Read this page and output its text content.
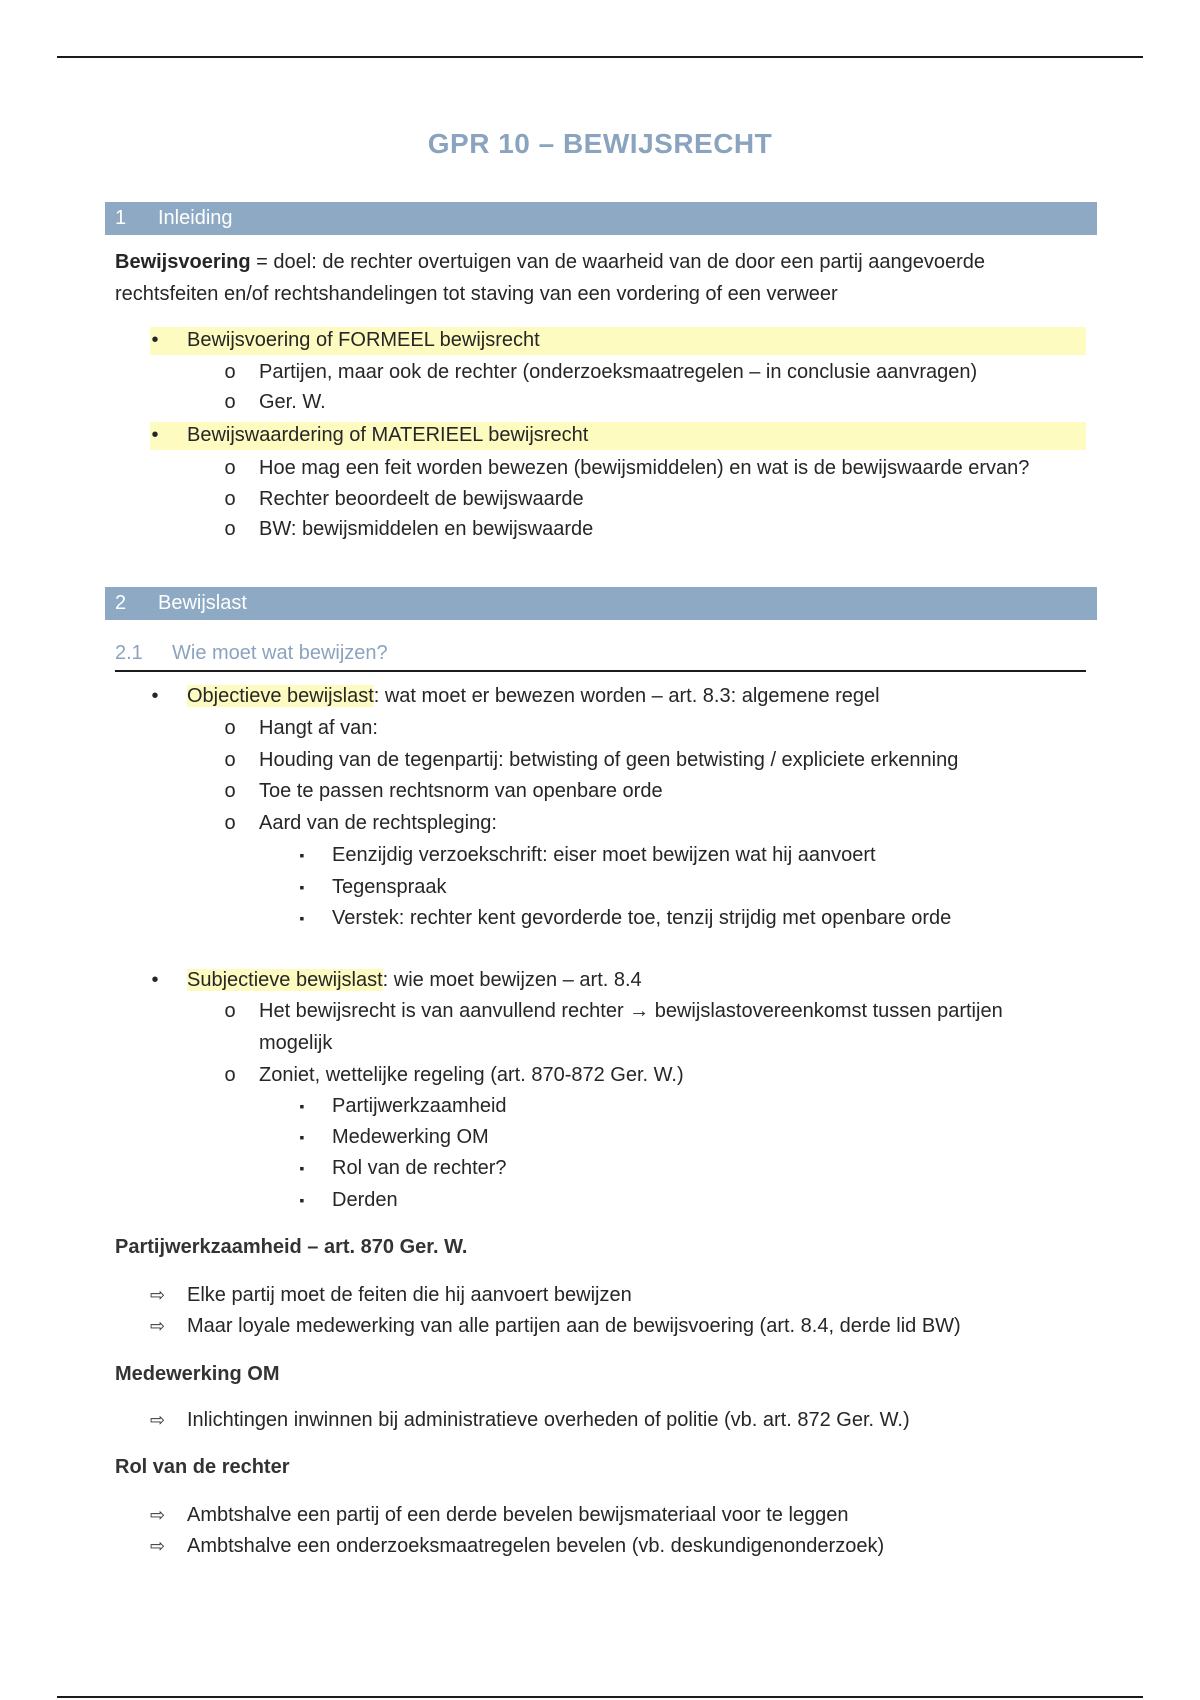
GPR 10 – BEWIJSRECHT
1 Inleiding
Bewijsvoering = doel: de rechter overtuigen van de waarheid van de door een partij aangevoerde
rechtsfeiten en/of rechtshandelingen tot staving van een vordering of een verweer
•	Bewijsvoering of FORMEEL bewijsrecht
o Partijen, maar ook de rechter (onderzoeksmaatregelen – in conclusie aanvragen)
o Ger. W.
•	Bewijswaardering of MATERIEEL bewijsrecht
o Hoe mag een feit worden bewezen (bewijsmiddelen) en wat is de bewijswaarde ervan?
o Rechter beoordeelt de bewijswaarde
o BW: bewijsmiddelen en bewijswaarde
2 Bewijslast
2.1 Wie moet wat bewijzen?
•	Objectieve bewijslast: wat moet er bewezen worden – art. 8.3: algemene regel
o Hangt af van:
o Houding van de tegenpartij: betwisting of geen betwisting / expliciete erkenning
o Toe te passen rechtsnorm van openbare orde
o Aard van de rechtspleging:
▪	Eenzijdig verzoekschrift: eiser moet bewijzen wat hij aanvoert
▪	Tegenspraak
▪	Verstek: rechter kent gevorderde toe, tenzij strijdig met openbare orde
•	Subjectieve bewijslast: wie moet bewijzen – art. 8.4
o Het bewijsrecht is van aanvullend rechter → bewijslastovereenkomst tussen partijen
mogelijk
o Zoniet, wettelijke regeling (art. 870-872 Ger. W.)
▪	Partijwerkzaamheid
▪	Medewerking OM
▪	Rol van de rechter?
▪	Derden
Partijwerkzaamheid – art. 870 Ger. W.
⇨ Elke partij moet de feiten die hij aanvoert bewijzen
⇨ Maar loyale medewerking van alle partijen aan de bewijsvoering (art. 8.4, derde lid BW)
Medewerking OM
⇨ Inlichtingen inwinnen bij administratieve overheden of politie (vb. art. 872 Ger. W.)
Rol van de rechter
⇨ Ambtshalve een partij of een derde bevelen bewijsmateriaal voor te leggen
⇨ Ambtshalve een onderzoeksmaatregelen bevelen (vb. deskundigenonderzoek)
